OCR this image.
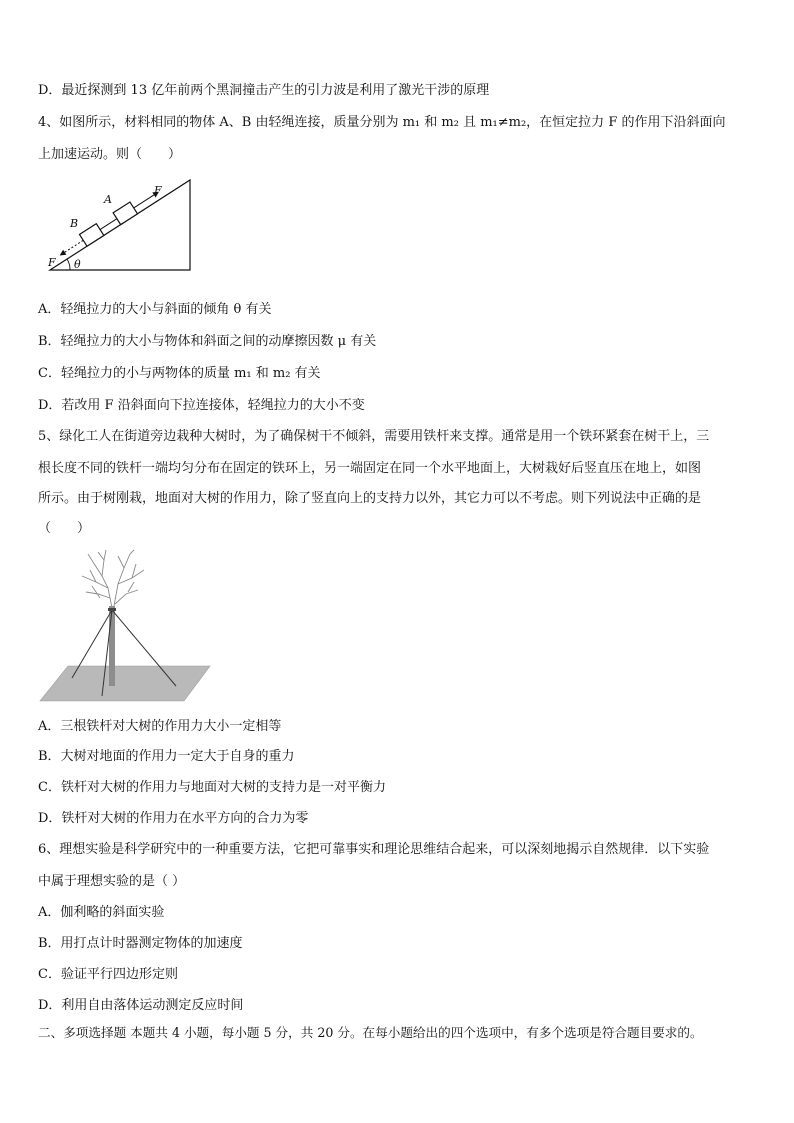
D．最近探测到 13 亿年前两个黑洞撞击产生的引力波是利用了激光干涉的原理
4、如图所示，材料相同的物体 A、B 由轻绳连接，质量分别为 m₁ 和 m₂ 且 m₁≠m₂，在恒定拉力 F 的作用下沿斜面向
上加速运动。则（　　）
A
B
F
F θ
A．轻绳拉力的大小与斜面的倾角 θ 有关
B．轻绳拉力的大小与物体和斜面之间的动摩擦因数 μ 有关
C．轻绳拉力的小与两物体的质量 m₁ 和 m₂ 有关
D．若改用 F 沿斜面向下拉连接体，轻绳拉力的大小不变
5、绿化工人在街道旁边栽种大树时，为了确保树干不倾斜，需要用铁杆来支撑。通常是用一个铁环紧套在树干上，三
根长度不同的铁杆一端均匀分布在固定的铁环上，另一端固定在同一个水平地面上，大树栽好后竖直压在地上，如图
所示。由于树刚栽，地面对大树的作用力，除了竖直向上的支持力以外，其它力可以不考虑。则下列说法中正确的是
（　　）
A．三根铁杆对大树的作用力大小一定相等
B．大树对地面的作用力一定大于自身的重力
C．铁杆对大树的作用力与地面对大树的支持力是一对平衡力
D．铁杆对大树的作用力在水平方向的合力为零
6、理想实验是科学研究中的一种重要方法，它把可靠事实和理论思维结合起来，可以深刻地揭示自然规律．以下实验
中属于理想实验的是（ ）
A．伽利略的斜面实验
B．用打点计时器测定物体的加速度
C．验证平行四边形定则
D．利用自由落体运动测定反应时间
二、多项选择题 本题共 4 小题，每小题 5 分，共 20 分。在每小题给出的四个选项中，有多个选项是符合题目要求的。
